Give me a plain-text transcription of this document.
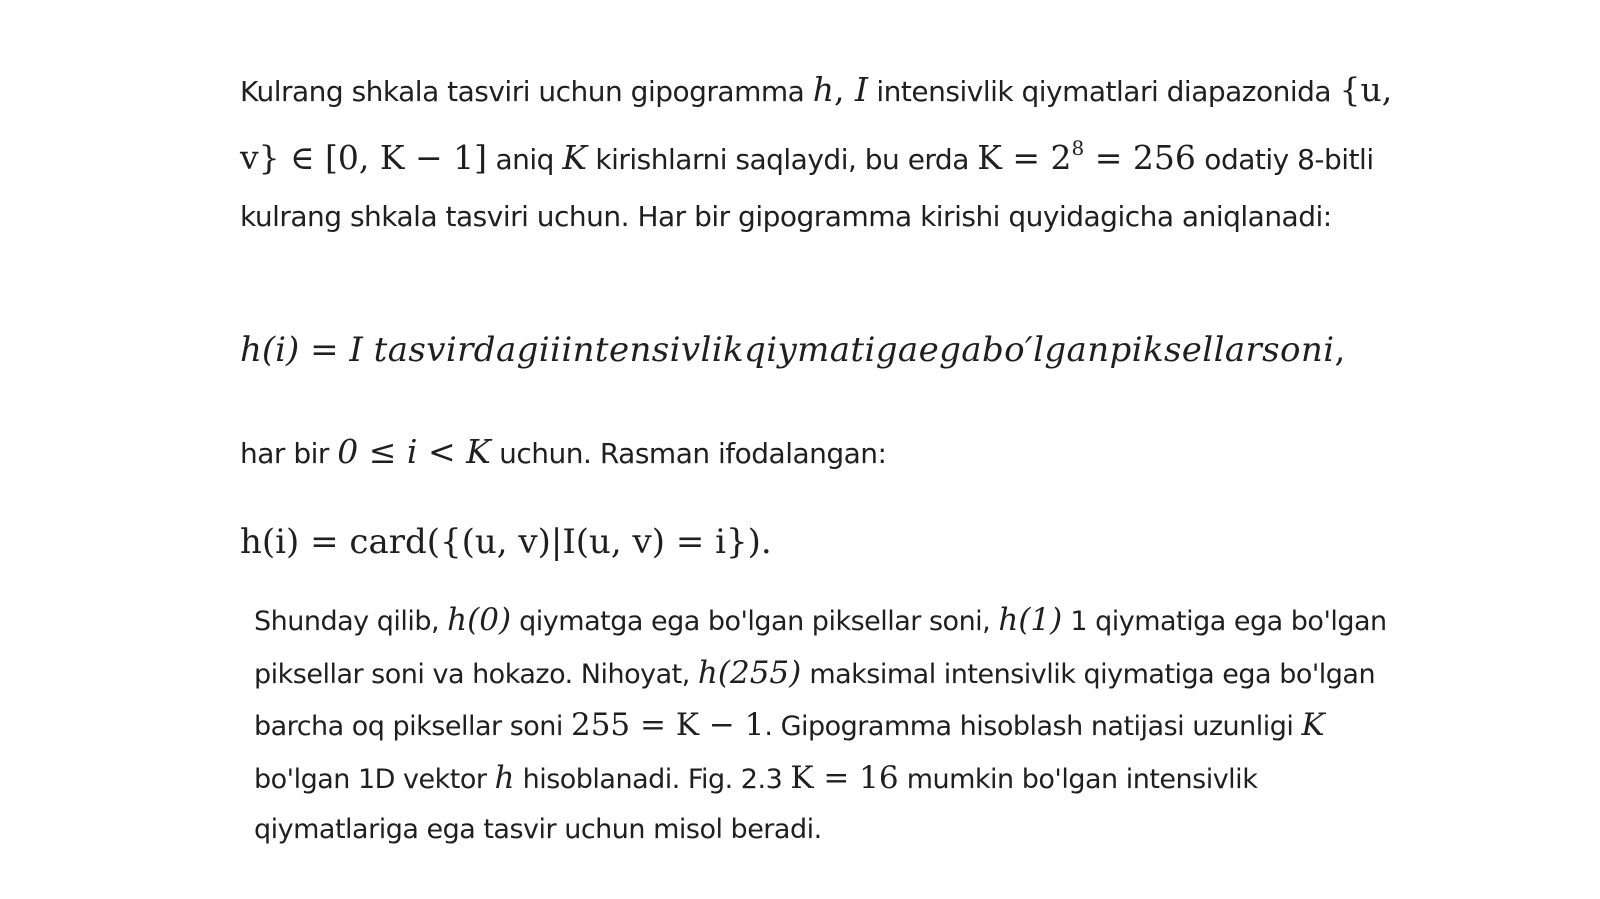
Kulrang shkala tasviri uchun gipogramma h, I intensivlik qiymatlari diapazonida {u, v} ∈ [0, K − 1] aniq K kirishlarni saqlaydi, bu erda $K = 2^8 = 256$ odatiy 8-bitli kulrang shkala tasviri uchun. Har bir gipogramma kirishi quyidagicha aniqlanadi:

h(i) = I tasvirdagiiintensivlikqiymatigaegabo′lganpiksellarsoni,

har bir 0 ≤ i < K uchun. Rasman ifodalangan:

h(i) = card({(u, v)|I(u, v) = i}).

Shunday qilib, h(0) qiymatga ega bo'lgan piksellar soni, h(1) 1 qiymatiga ega bo'lgan piksellar soni va hokazo. Nihoyat, h(255) maksimal intensivlik qiymatiga ega bo'lgan barcha oq piksellar soni 255 = K − 1. Gipogramma hisoblash natijasi uzunligi K bo'lgan 1D vektor h hisoblanadi. Fig. 2.3 K = 16 mumkin bo'lgan intensivlik qiymatlariga ega tasvir uchun misol beradi.
